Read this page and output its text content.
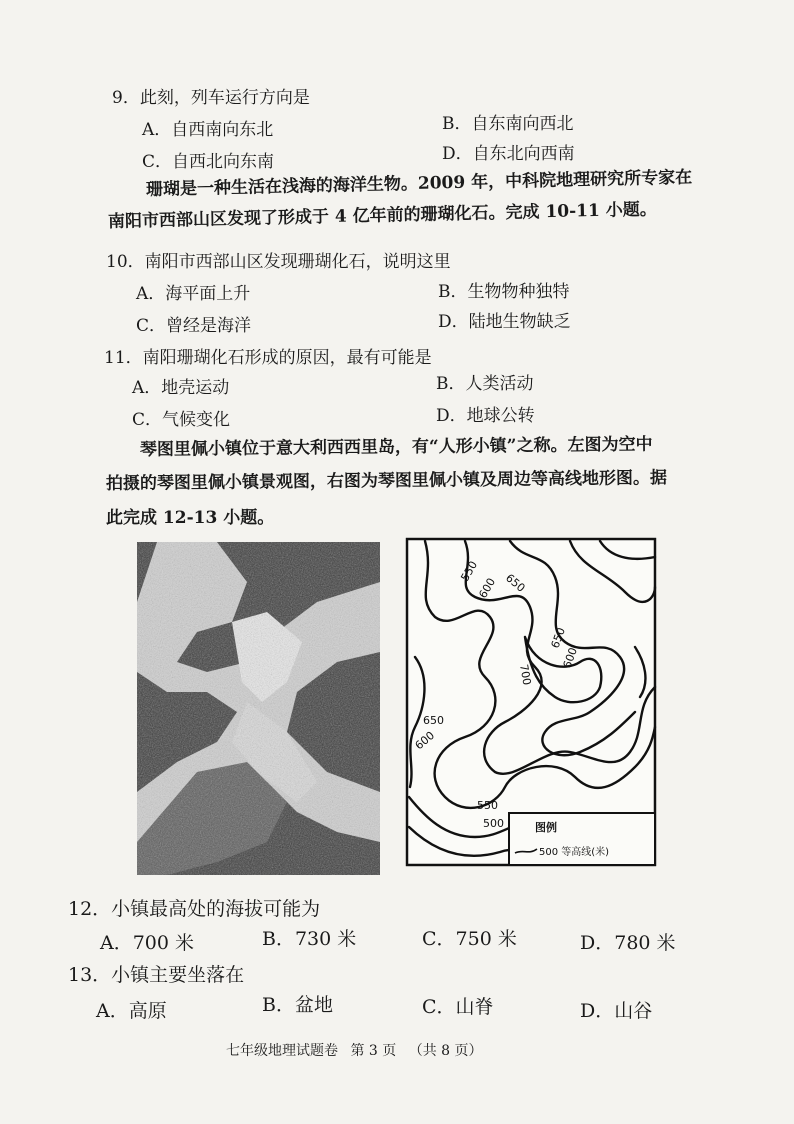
9．此刻，列车运行方向是
A．自西南向东北	B．自东南向西北
C．自西北向东南	D．自东北向西南
珊瑚是一种生活在浅海的海洋生物。2009 年，中科院地理研究所专家在
南阳市西部山区发现了形成于 4 亿年前的珊瑚化石。完成 10-11 小题。
10．南阳市西部山区发现珊瑚化石，说明这里
A．海平面上升	B．生物物种独特
C．曾经是海洋	D．陆地生物缺乏
11．南阳珊瑚化石形成的原因，最有可能是
A．地壳运动	B．人类活动
C．气候变化	D．地球公转
琴图里佩小镇位于意大利西西里岛，有“人形小镇”之称。左图为空中
拍摄的琴图里佩小镇景观图，右图为琴图里佩小镇及周边等高线地形图。据
此完成 12-13 小题。
550
600 650
650
600
700
650
600
550
500	图例
500 等高线(米)
12．小镇最高处的海拔可能为
A．700 米	B．730 米	C．750 米	D．780 米
13．小镇主要坐落在
A．高原	B．盆地	C．山脊	D．山谷
七年级地理试题卷 第 3 页 （共 8 页）
